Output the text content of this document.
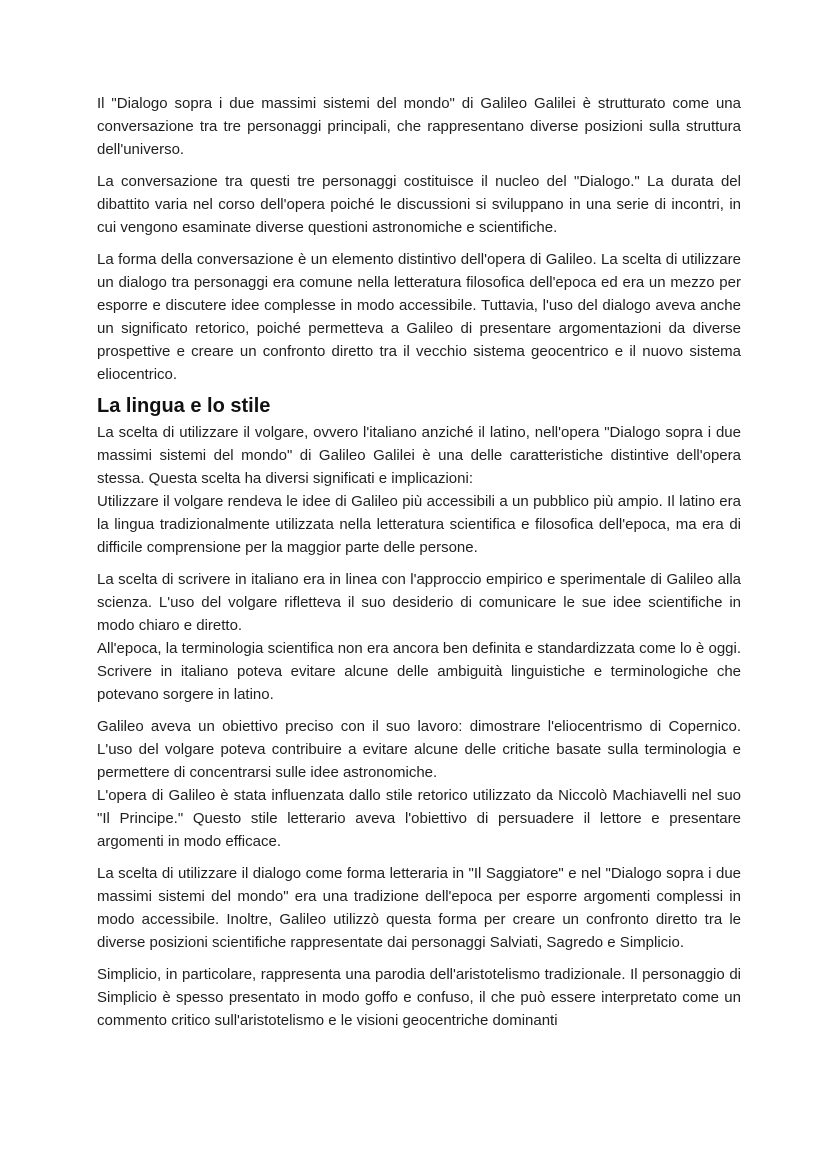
Il "Dialogo sopra i due massimi sistemi del mondo" di Galileo Galilei è strutturato come una conversazione tra tre personaggi principali, che rappresentano diverse posizioni sulla struttura dell'universo.

La conversazione tra questi tre personaggi costituisce il nucleo del "Dialogo." La durata del dibattito varia nel corso dell'opera poiché le discussioni si sviluppano in una serie di incontri, in cui vengono esaminate diverse questioni astronomiche e scientifiche.

La forma della conversazione è un elemento distintivo dell'opera di Galileo. La scelta di utilizzare un dialogo tra personaggi era comune nella letteratura filosofica dell'epoca ed era un mezzo per esporre e discutere idee complesse in modo accessibile. Tuttavia, l'uso del dialogo aveva anche un significato retorico, poiché permetteva a Galileo di presentare argomentazioni da diverse prospettive e creare un confronto diretto tra il vecchio sistema geocentrico e il nuovo sistema eliocentrico.

La lingua e lo stile

La scelta di utilizzare il volgare, ovvero l'italiano anziché il latino, nell'opera "Dialogo sopra i due massimi sistemi del mondo" di Galileo Galilei è una delle caratteristiche distintive dell'opera stessa. Questa scelta ha diversi significati e implicazioni:

Utilizzare il volgare rendeva le idee di Galileo più accessibili a un pubblico più ampio. Il latino era la lingua tradizionalmente utilizzata nella letteratura scientifica e filosofica dell'epoca, ma era di difficile comprensione per la maggior parte delle persone.

La scelta di scrivere in italiano era in linea con l'approccio empirico e sperimentale di Galileo alla scienza. L'uso del volgare rifletteva il suo desiderio di comunicare le sue idee scientifiche in modo chiaro e diretto.

All'epoca, la terminologia scientifica non era ancora ben definita e standardizzata come lo è oggi. Scrivere in italiano poteva evitare alcune delle ambiguità linguistiche e terminologiche che potevano sorgere in latino.

Galileo aveva un obiettivo preciso con il suo lavoro: dimostrare l'eliocentrismo di Copernico. L'uso del volgare poteva contribuire a evitare alcune delle critiche basate sulla terminologia e permettere di concentrarsi sulle idee astronomiche.

L'opera di Galileo è stata influenzata dallo stile retorico utilizzato da Niccolò Machiavelli nel suo "Il Principe." Questo stile letterario aveva l'obiettivo di persuadere il lettore e presentare argomenti in modo efficace.

La scelta di utilizzare il dialogo come forma letteraria in "Il Saggiatore" e nel "Dialogo sopra i due massimi sistemi del mondo" era una tradizione dell'epoca per esporre argomenti complessi in modo accessibile. Inoltre, Galileo utilizzò questa forma per creare un confronto diretto tra le diverse posizioni scientifiche rappresentate dai personaggi Salviati, Sagredo e Simplicio.

Simplicio, in particolare, rappresenta una parodia dell'aristotelismo tradizionale. Il personaggio di Simplicio è spesso presentato in modo goffo e confuso, il che può essere interpretato come un commento critico sull'aristotelismo e le visioni geocentriche dominanti
